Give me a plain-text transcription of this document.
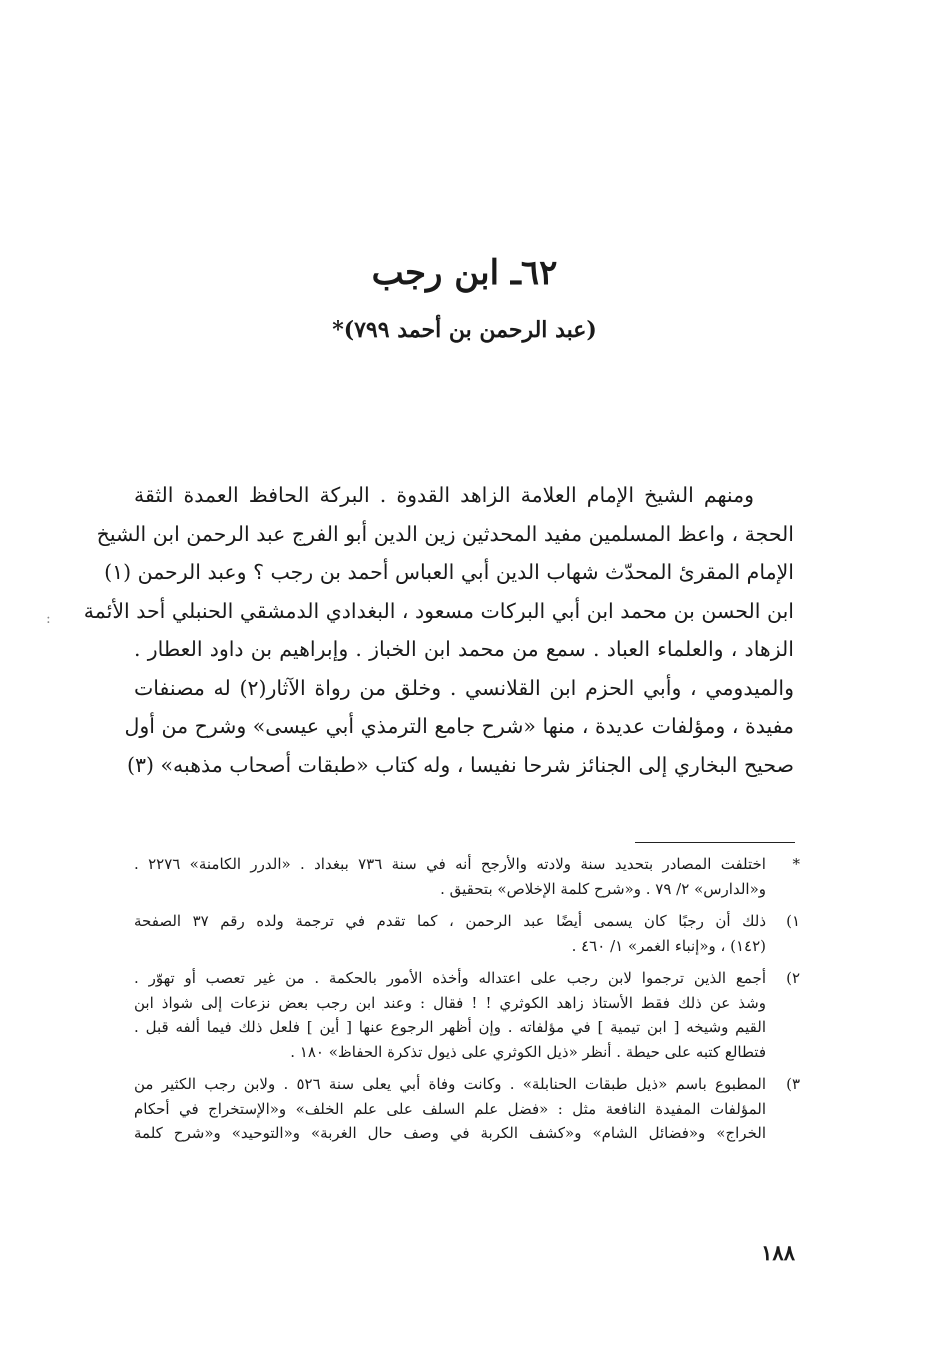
٦٢ـ ابن رجب
(عبد الرحمن بن أحمد ٧٩٩)*
ومنهم الشيخ الإمام العلامة الزاهد القدوة . البركة الحافظ العمدة الثقة
الحجة ، واعظ المسلمين مفيد المحدثين زين الدين أبو الفرج عبد الرحمن ابن الشيخ
الإمام المقرئ المحدّث شهاب الدين أبي العباس أحمد بن رجب ؟ وعبد الرحمن (١)
ابن الحسن بن محمد ابن أبي البركات مسعود ، البغدادي الدمشقي الحنبلي أحد الأئمة
الزهاد ، والعلماء العباد . سمع من محمد ابن الخباز . وإبراهيم بن داود العطار .
والميدومي ، وأبي الحزم ابن القلانسي . وخلق من رواة الآثار(٢) له مصنفات
مفيدة ، ومؤلفات عديدة ، منها «شرح جامع الترمذي أبي عيسى» وشرح من أول
صحيح البخاري إلى الجنائز شرحا نفيسا ، وله كتاب «طبقات أصحاب مذهبه» (٣)
:
*
اختلفت المصادر بتحديد سنة ولادته والأرجح أنه في سنة ٧٣٦ ببغداد . «الدرر الكامنة» ٢٢٧٦ .
و«الدارس» ٢/ ٧٩ . و«شرح كلمة الإخلاص» بتحقيق .
١)
ذلك أن رجبًا كان يسمى أيضًا عبد الرحمن ، كما تقدم في ترجمة ولده رقم ٣٧ الصفحة
(١٤٢) ، و«إنباء الغمر» ١/ ٤٦٠ .
٢)
أجمع الذين ترجموا لابن رجب على اعتداله وأخذه الأمور بالحكمة . من غير تعصب أو تهوّر .
وشذ عن ذلك فقط الأستاذ زاهد الكوثري ! ! فقال : وعند ابن رجب بعض نزعات إلى شواذ ابن
القيم وشيخه [ ابن تيمية ] في مؤلفاته . وإن أظهر الرجوع عنها [ أين ] فلعل ذلك فيما ألفه قبل .
فتطالع كتبه على حيطة . أنظر «ذيل الكوثري على ذيول تذكرة الحفاظ» ١٨٠ .
٣)
المطبوع باسم «ذيل طبقات الحنابلة» . وكانت وفاة أبي يعلى سنة ٥٢٦ . ولابن رجب الكثير من
المؤلفات المفيدة النافعة مثل : «فضل علم السلف على علم الخلف» و«الإستخراج في أحكام
الخراج» و«فضائل الشام» و«كشف الكربة في وصف حال الغربة» و«التوحيد» و«شرح كلمة
١٨٨
